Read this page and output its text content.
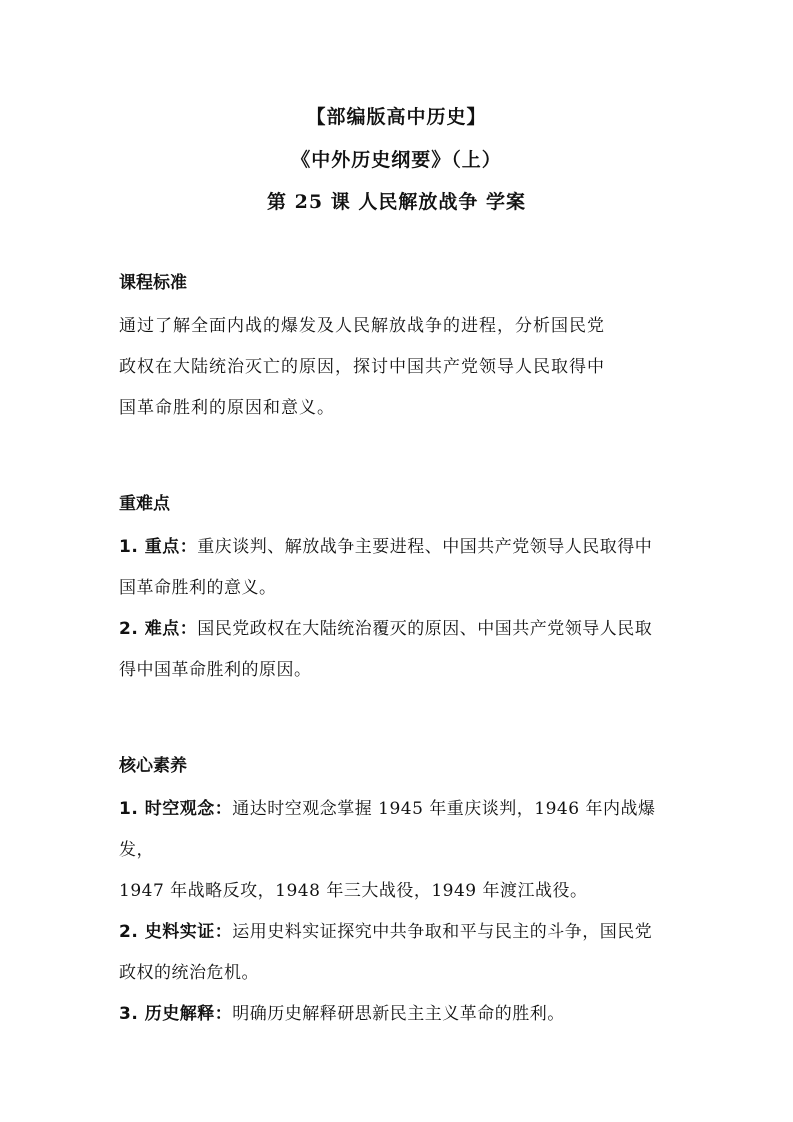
【部编版高中历史】
《中外历史纲要》（上）
第 25 课 人民解放战争 学案

课程标准

通过了解全面内战的爆发及人民解放战争的进程，分析国民党

政权在大陆统治灭亡的原因，探讨中国共产党领导人民取得中

国革命胜利的原因和意义。

重难点

1. 重点：重庆谈判、解放战争主要进程、中国共产党领导人民取得中

国革命胜利的意义。

2. 难点：国民党政权在大陆统治覆灭的原因、中国共产党领导人民取

得中国革命胜利的原因。

核心素养

1. 时空观念：通达时空观念掌握 1945 年重庆谈判，1946 年内战爆发，

1947 年战略反攻，1948 年三大战役，1949 年渡江战役。

2. 史料实证：运用史料实证探究中共争取和平与民主的斗争，国民党

政权的统治危机。

3. 历史解释：明确历史解释研思新民主主义革命的胜利。
